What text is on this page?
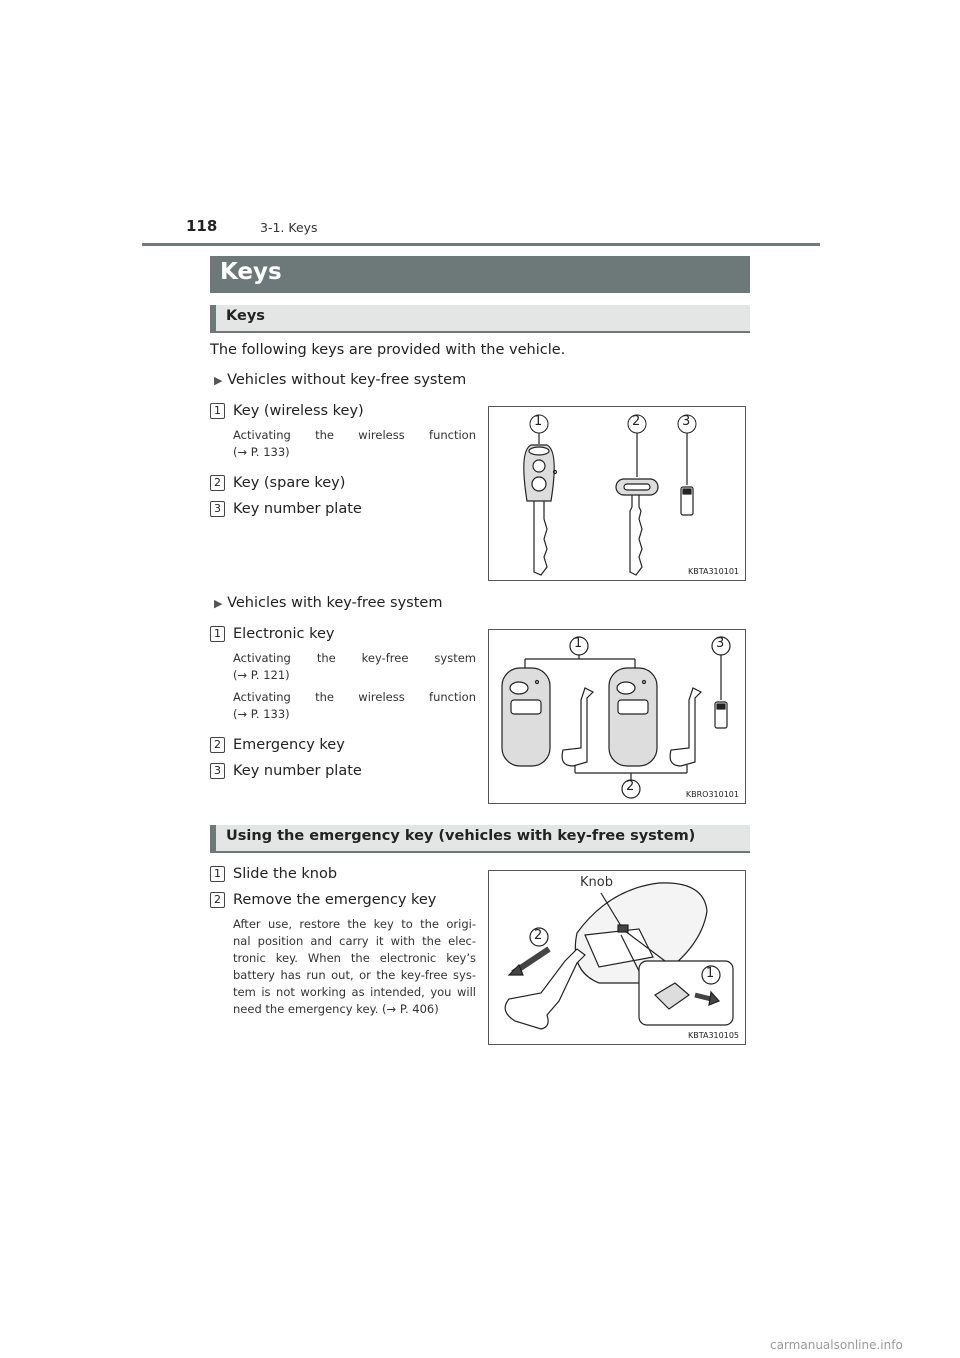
118	3-1. Keys
Keys
Keys
The following keys are provided with the vehicle.
▶ Vehicles without key-free system
1 Key (wireless key)
Activating the wireless function
(→ P. 133)
2 Key (spare key)
3 Key number plate
1	2	3
KBTA310101
▶ Vehicles with key-free system
1 Electronic key
Activating the key-free system
(→ P. 121)
Activating the wireless function
(→ P. 133)
2 Emergency key
3 Key number plate
1	3
2
KBRO310101
Using the emergency key (vehicles with key-free system)
1 Slide the knob
2 Remove the emergency key
After use, restore the key to the origi-
nal position and carry it with the elec-
tronic key. When the electronic key’s
battery has run out, or the key-free sys-
tem is not working as intended, you will
need the emergency key. (→ P. 406)
Knob
2
1
KBTA310105
carmanualsonline.info
